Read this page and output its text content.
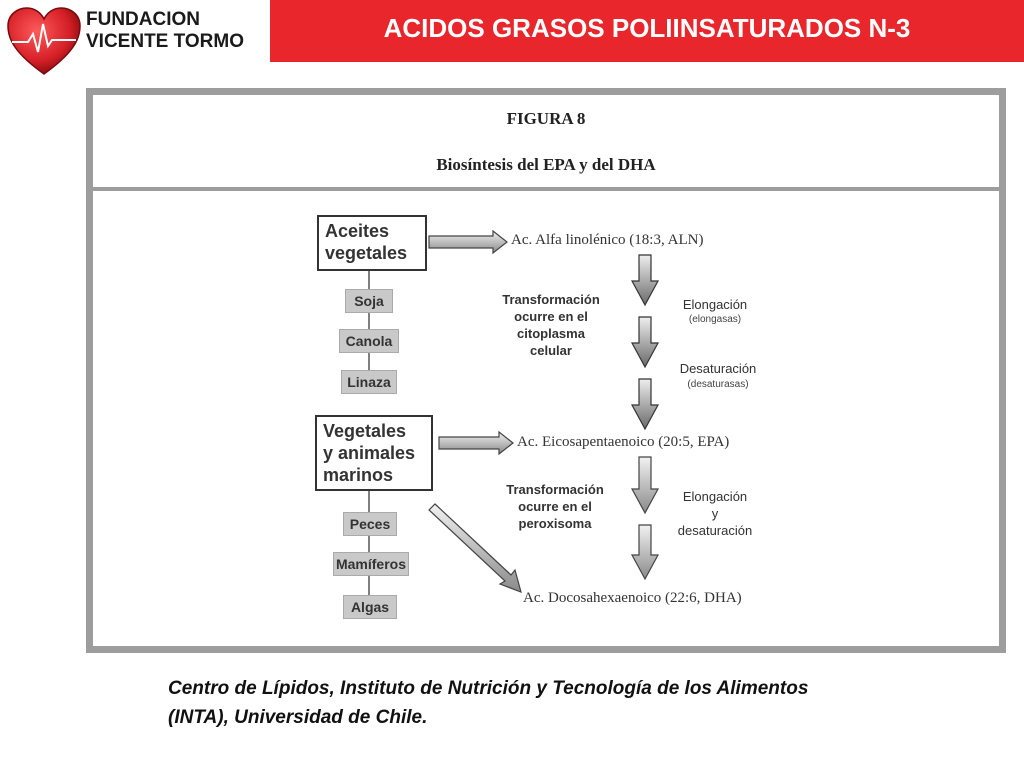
FUNDACION
VICENTE TORMO	ACIDOS GRASOS POLIINSATURADOS N-3
FIGURA 8
Biosíntesis del EPA y del DHA
Aceites
vegetales
Soja
Canola
Linaza
Vegetales
y animales
marinos
Peces
Mamíferos
Algas
Ac. Alfa linolénico (18:3, ALN)
Ac. Eicosapentaenoico (20:5, EPA)
Ac. Docosahexaenoico (22:6, DHA)
Transformación
ocurre en el
citoplasma
celular
Transformación
ocurre en el
peroxisoma
Elongación
(elongasas)
Desaturación
(desaturasas)
Elongación
y
desaturación
Centro de Lípidos, Instituto de Nutrición y Tecnología de los Alimentos
(INTA), Universidad de Chile.
